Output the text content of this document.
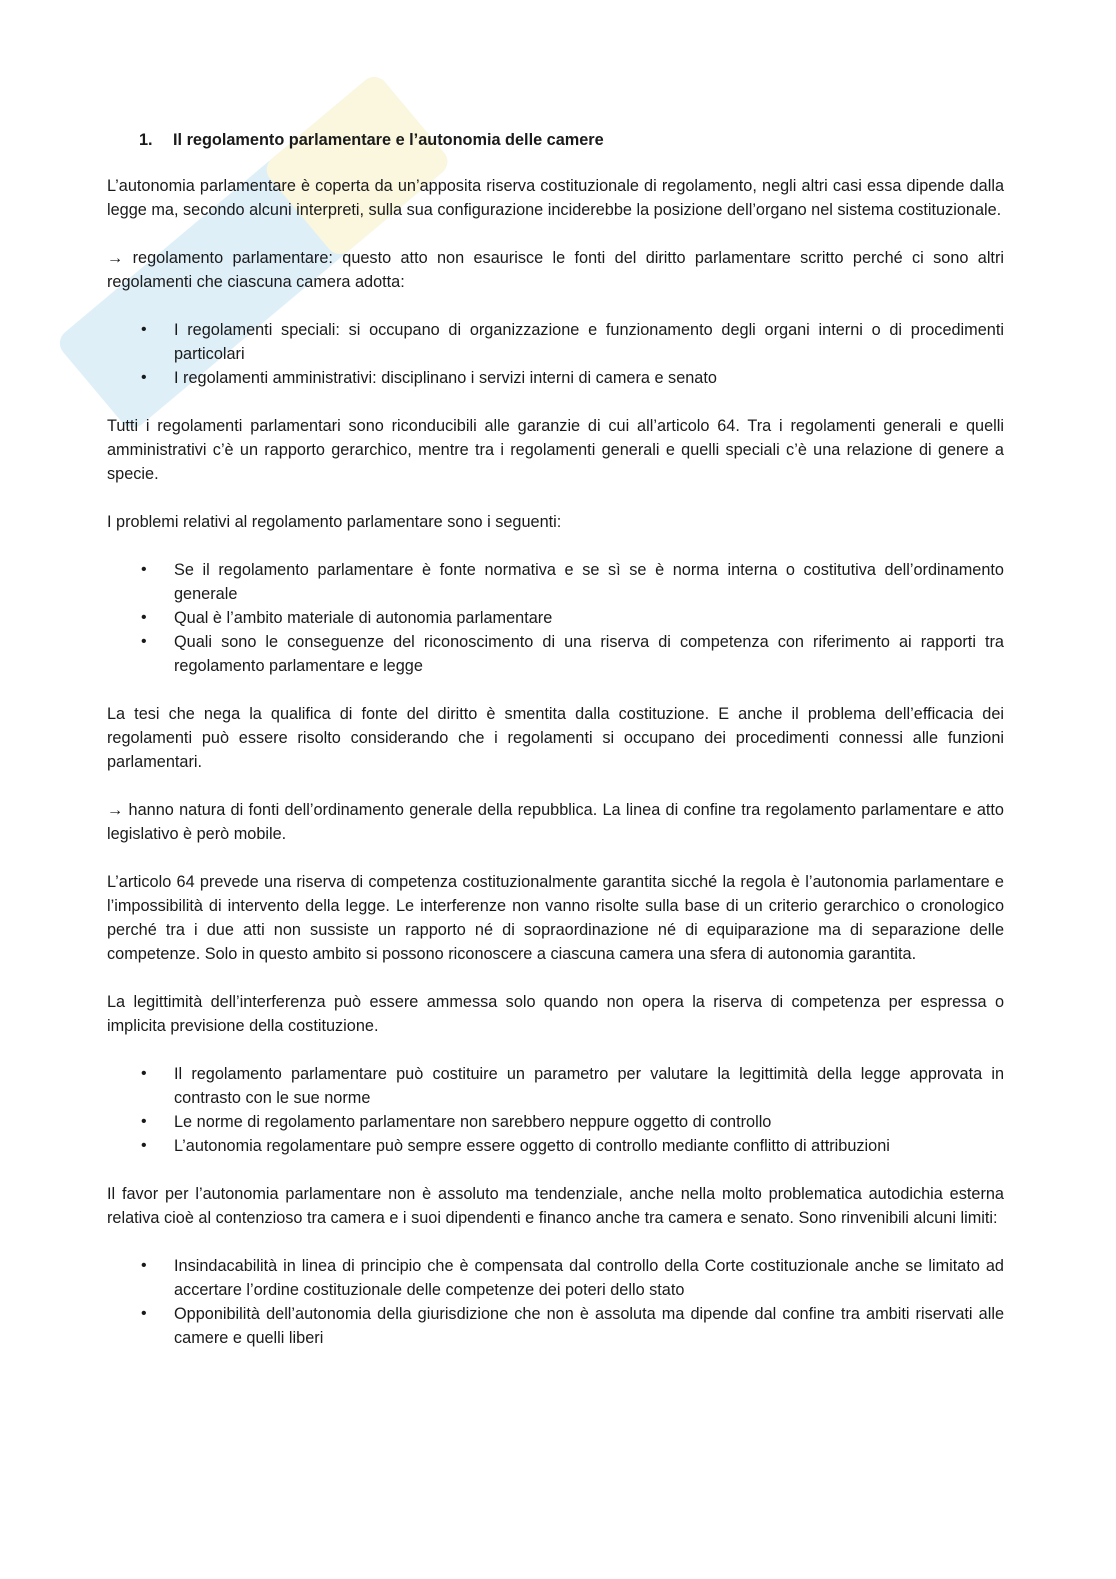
1. Il regolamento parlamentare e l’autonomia delle camere

L’autonomia parlamentare è coperta da un’apposita riserva costituzionale di regolamento, negli altri casi essa dipende dalla legge ma, secondo alcuni interpreti, sulla sua configurazione inciderebbe la posizione dell’organo nel sistema costituzionale.

→ regolamento parlamentare: questo atto non esaurisce le fonti del diritto parlamentare scritto perché ci sono altri regolamenti che ciascuna camera adotta:

• I regolamenti speciali: si occupano di organizzazione e funzionamento degli organi interni o di procedimenti particolari
• I regolamenti amministrativi: disciplinano i servizi interni di camera e senato

Tutti i regolamenti parlamentari sono riconducibili alle garanzie di cui all’articolo 64. Tra i regolamenti generali e quelli amministrativi c’è un rapporto gerarchico, mentre tra i regolamenti generali e quelli speciali c’è una relazione di genere a specie.

I problemi relativi al regolamento parlamentare sono i seguenti:

• Se il regolamento parlamentare è fonte normativa e se sì se è norma interna o costitutiva dell’ordinamento generale
• Qual è l’ambito materiale di autonomia parlamentare
• Quali sono le conseguenze del riconoscimento di una riserva di competenza con riferimento ai rapporti tra regolamento parlamentare e legge

La tesi che nega la qualifica di fonte del diritto è smentita dalla costituzione. E anche il problema dell’efficacia dei regolamenti può essere risolto considerando che i regolamenti si occupano dei procedimenti connessi alle funzioni parlamentari.

→ hanno natura di fonti dell’ordinamento generale della repubblica. La linea di confine tra regolamento parlamentare e atto legislativo è però mobile.

L’articolo 64 prevede una riserva di competenza costituzionalmente garantita sicché la regola è l’autonomia parlamentare e l’impossibilità di intervento della legge. Le interferenze non vanno risolte sulla base di un criterio gerarchico o cronologico perché tra i due atti non sussiste un rapporto né di sopraordinazione né di equiparazione ma di separazione delle competenze. Solo in questo ambito si possono riconoscere a ciascuna camera una sfera di autonomia garantita.

La legittimità dell’interferenza può essere ammessa solo quando non opera la riserva di competenza per espressa o implicita previsione della costituzione.

• Il regolamento parlamentare può costituire un parametro per valutare la legittimità della legge approvata in contrasto con le sue norme
• Le norme di regolamento parlamentare non sarebbero neppure oggetto di controllo
• L’autonomia regolamentare può sempre essere oggetto di controllo mediante conflitto di attribuzioni

Il favor per l’autonomia parlamentare non è assoluto ma tendenziale, anche nella molto problematica autodichia esterna relativa cioè al contenzioso tra camera e i suoi dipendenti e financo anche tra camera e senato. Sono rinvenibili alcuni limiti:

• Insindacabilità in linea di principio che è compensata dal controllo della Corte costituzionale anche se limitato ad accertare l’ordine costituzionale delle competenze dei poteri dello stato
• Opponibilità dell’autonomia della giurisdizione che non è assoluta ma dipende dal confine tra ambiti riservati alle camere e quelli liberi
